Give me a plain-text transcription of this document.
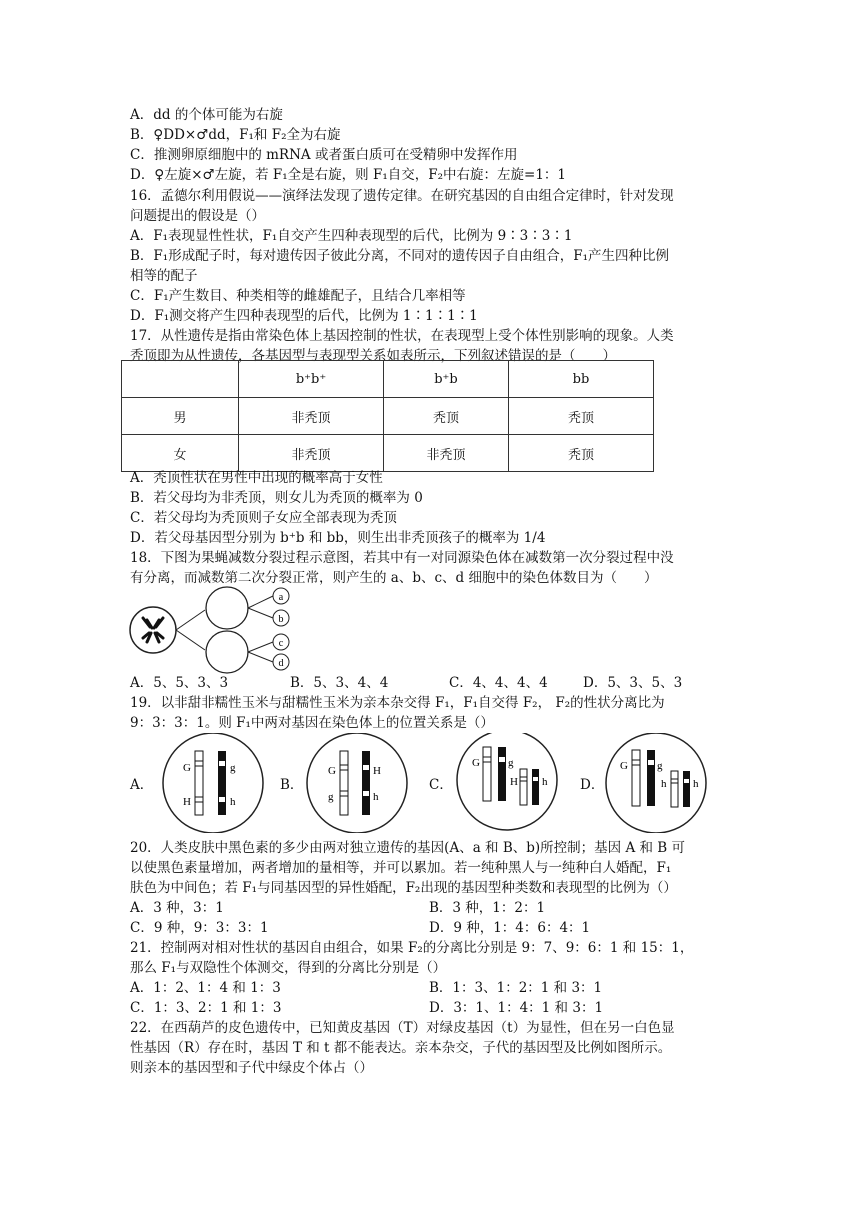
A．dd 的个体可能为右旋
B．♀DD×♂dd，F₁和 F₂全为右旋
C．推测卵原细胞中的 mRNA 或者蛋白质可在受精卵中发挥作用
D．♀左旋×♂左旋，若 F₁全是右旋，则 F₁自交，F₂中右旋：左旋=1：1
16．孟德尔利用假说——演绎法发现了遗传定律。在研究基因的自由组合定律时，针对发现
问题提出的假设是（）
A．F₁表现显性性状，F₁自交产生四种表现型的后代，比例为 9∶3∶3∶1
B．F₁形成配子时，每对遗传因子彼此分离，不同对的遗传因子自由组合，F₁产生四种比例
相等的配子
C．F₁产生数目、种类相等的雌雄配子，且结合几率相等
D．F₁测交将产生四种表现型的后代，比例为 1∶1∶1∶1
17．从性遗传是指由常染色体上基因控制的性状，在表现型上受个体性别影响的现象。人类
秃顶即为从性遗传，各基因型与表现型关系如表所示，下列叙述错误的是（　　）
	b⁺b⁺	b⁺b	bb
男	非秃顶	秃顶	秃顶
女	非秃顶	非秃顶	秃顶
A．秃顶性状在男性中出现的概率高于女性
B．若父母均为非秃顶，则女儿为秃顶的概率为 0
C．若父母均为秃顶则子女应全部表现为秃顶
D．若父母基因型分别为 b⁺b 和 bb，则生出非秃顶孩子的概率为 1/4
18．下图为果蝇减数分裂过程示意图，若其中有一对同源染色体在减数第一次分裂过程中没
有分离，而减数第二次分裂正常，则产生的 a、b、c、d 细胞中的染色体数目为（　　）
a
b
c
d
A．5、5、3、3	B．5、3、4、4	C．4、4、4、4	D．5、3、5、3
19．以非甜非糯性玉米与甜糯性玉米为亲本杂交得 F₁，F₁自交得 F₂， F₂的性状分离比为
9：3：3：1。则 F₁中两对基因在染色体上的位置关系是（）
A．	B．	C．	D．
G	g
H	h
G	H
g	h
G	g
H h
G	g
h h
20．人类皮肤中黑色素的多少由两对独立遗传的基因(A、a 和 B、b)所控制；基因 A 和 B 可
以使黑色素量增加，两者增加的量相等，并可以累加。若一纯种黑人与一纯种白人婚配，F₁
肤色为中间色；若 F₁与同基因型的异性婚配，F₂出现的基因型种类数和表现型的比例为（）
A．3 种，3：1	B．3 种，1：2：1
C．9 种，9：3：3：1	D．9 种，1：4：6：4：1
21．控制两对相对性状的基因自由组合，如果 F₂的分离比分别是 9：7、9：6：1 和 15：1，
那么 F₁与双隐性个体测交，得到的分离比分别是（）
A．1：2、1：4 和 1：3	B．1：3、1：2：1 和 3：1
C．1：3、2：1 和 1：3	D．3：1、1：4：1 和 3：1
22．在西葫芦的皮色遗传中，已知黄皮基因（T）对绿皮基因（t）为显性，但在另一白色显
性基因（R）存在时，基因 T 和 t 都不能表达。亲本杂交，子代的基因型及比例如图所示。
则亲本的基因型和子代中绿皮个体占（）
